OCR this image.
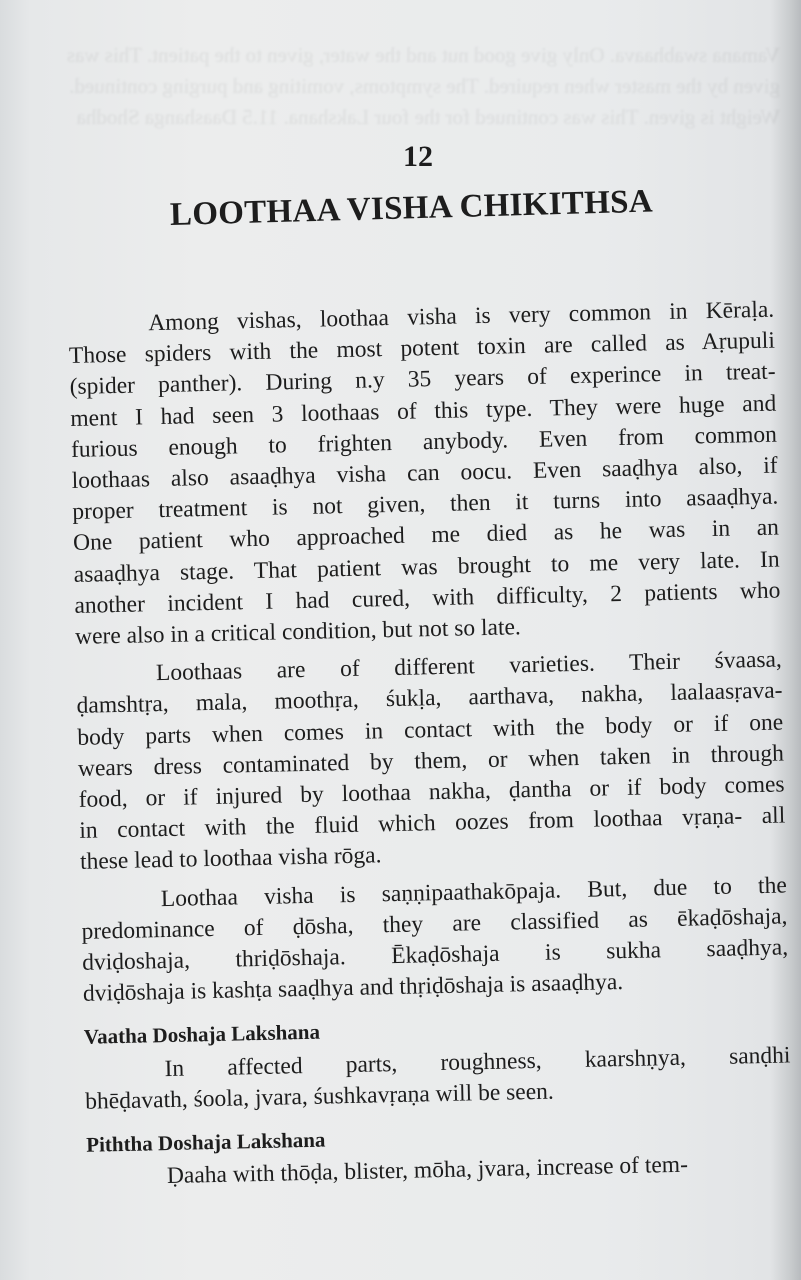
Vamana swabhaava. Only give good nut and the water, given to the patient. This was given by the master when required. The symptoms, vomiting and purging continued. Weight is given. This was continued for the four Lakshana. 11.5 Daashanga Shodha
12
LOOTHAA VISHA CHIKITHSA
Among vishas, loothaa visha is very common in Kēraḷa.
Those spiders with the most potent toxin are called as Aṛupuli
(spider panther). During n.y 35 years of experince in treat-
ment I had seen 3 loothaas of this type. They were huge and
furious enough to frighten anybody. Even from common
loothaas also asaaḍhya visha can oocu. Even saaḍhya also, if
proper treatment is not given, then it turns into asaaḍhya.
One patient who approached me died as he was in an
asaaḍhya stage. That patient was brought to me very late. In
another incident I had cured, with difficulty, 2 patients who
were also in a critical condition, but not so late.
Loothaas are of different varieties. Their śvaasa,
ḍamshtṛa, mala, moothṛa, śukḷa, aarthava, nakha, laalaasṛava-
body parts when comes in contact with the body or if one
wears dress contaminated by them, or when taken in through
food, or if injured by loothaa nakha, ḍantha or if body comes
in contact with the fluid which oozes from loothaa vṛaṇa- all
these lead to loothaa visha rōga.
Loothaa visha is saṇṇipaathakōpaja. But, due to the
predominance of ḍōsha, they are classified as ēkaḍōshaja,
dviḍoshaja, thriḍōshaja. Ēkaḍōshaja is sukha saaḍhya,
dviḍōshaja is kashṭa saaḍhya and thṛiḍōshaja is asaaḍhya.
Vaatha Doshaja Lakshana
In affected parts, roughness, kaarshṇya, sanḍhi
bhēḍavath, śoola, jvara, śushkavṛaṇa will be seen.
Piththa Doshaja Lakshana
Ḍaaha with thōḍa, blister, mōha, jvara, increase of tem-
